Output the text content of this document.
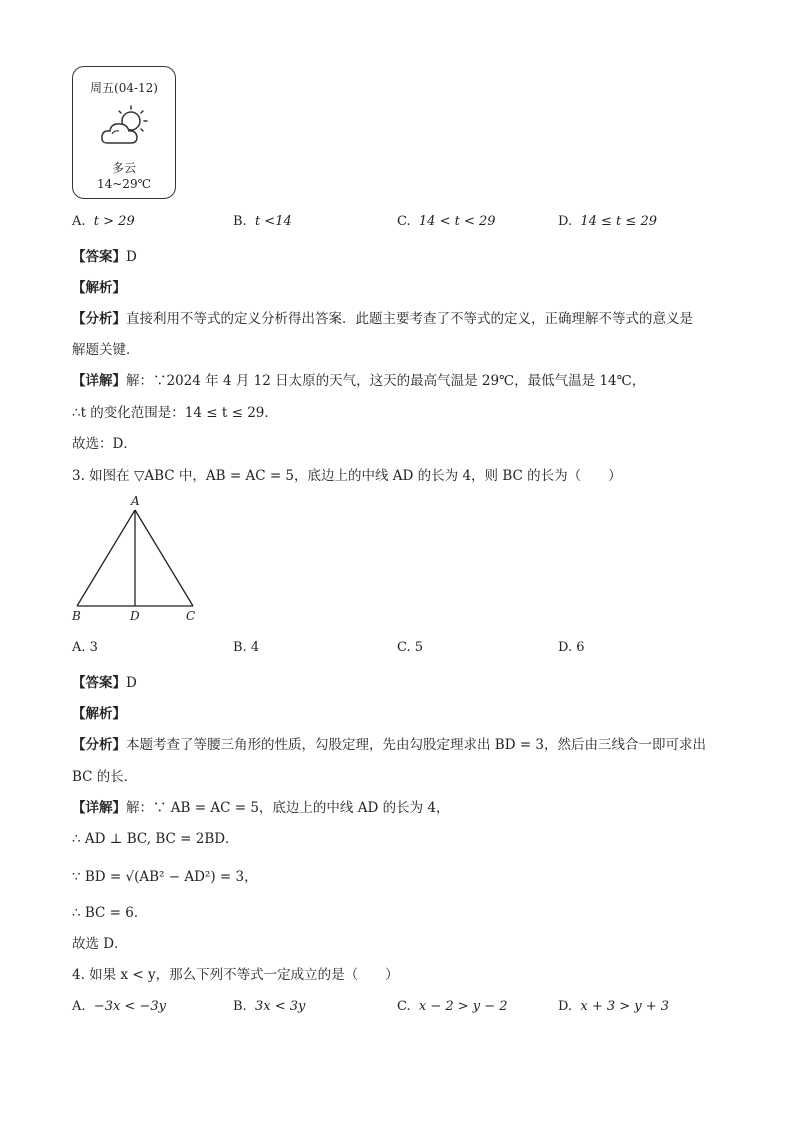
周五(04-12)
多云
14~29℃
A. t > 29	B. t <14	C. 14 < t < 29	D. 14 ≤ t ≤ 29
【答案】D
【解析】
【分析】直接利用不等式的定义分析得出答案．此题主要考查了不等式的定义，正确理解不等式的意义是
解题关键．
【详解】解：∵2024 年 4 月 12 日太原的天气，这天的最高气温是 29℃，最低气温是 14℃，
∴t 的变化范围是：14 ≤ t ≤ 29．
故选：D．
3. 如图在 ▽ABC 中，AB = AC = 5，底边上的中线 AD 的长为 4，则 BC 的长为（　　）
A
B	D	C
A. 3	B. 4	C. 5	D. 6
【答案】D
【解析】
【分析】本题考查了等腰三角形的性质，勾股定理，先由勾股定理求出 BD = 3，然后由三线合一即可求出
BC 的长．
【详解】解：∵ AB = AC = 5，底边上的中线 AD 的长为 4，
∴ AD ⊥ BC, BC = 2BD．
∵ BD = √(AB² − AD²) = 3，
∴ BC = 6．
故选 D．
4. 如果 x < y，那么下列不等式一定成立的是（　　）
A. −3x < −3y	B. 3x < 3y	C. x − 2 > y − 2	D. x + 3 > y + 3
